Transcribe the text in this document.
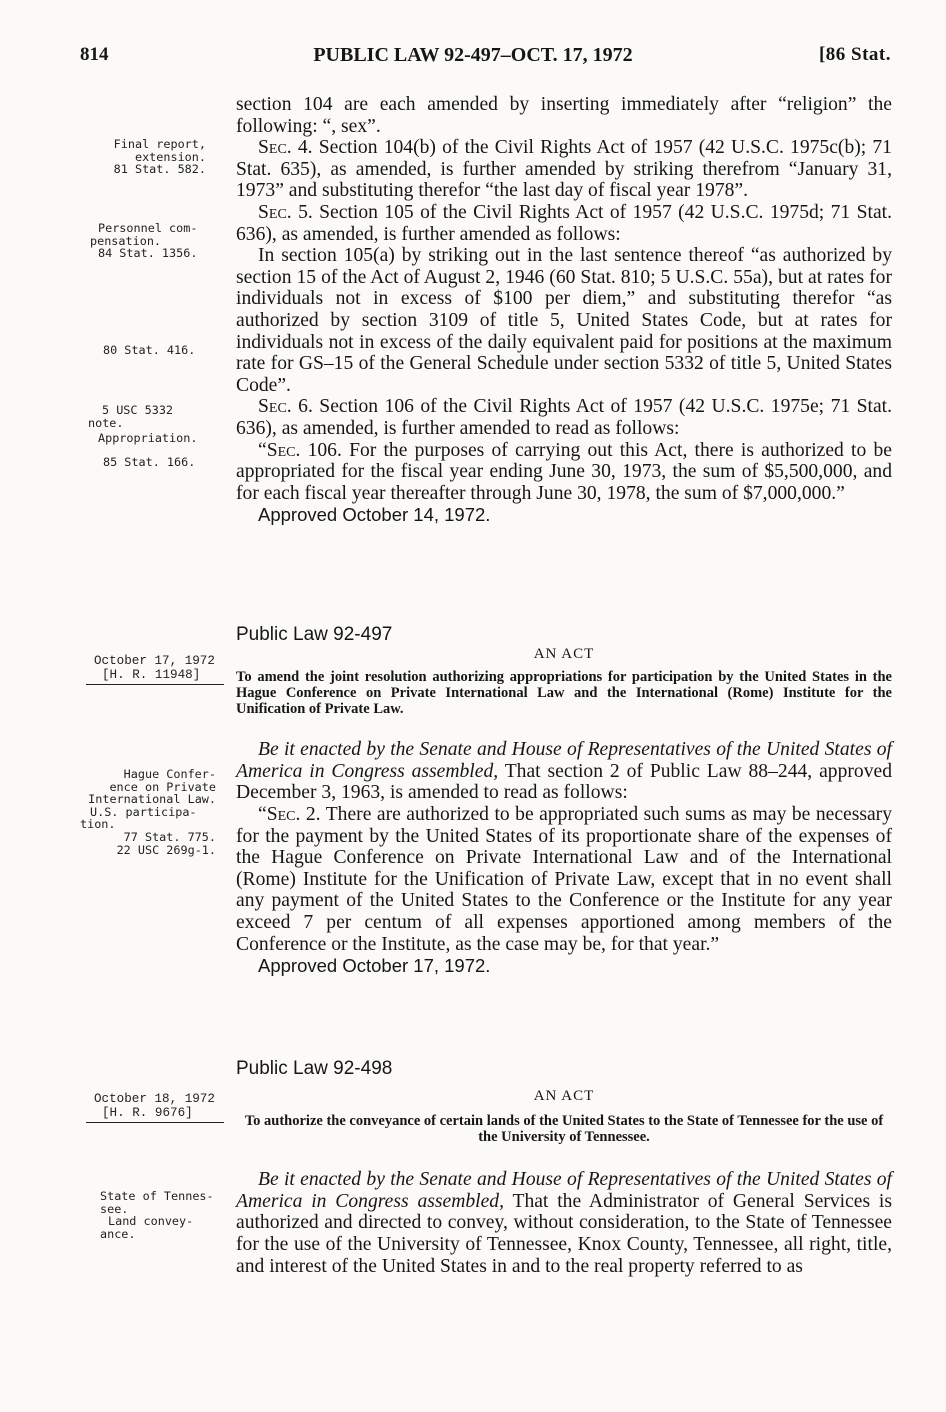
814	PUBLIC LAW 92-497–OCT. 17, 1972	[86 Stat.

Final report,

extension.

81 Stat. 582.

Personnel com-

pensation.

84 Stat. 1356.

80 Stat. 416.

5 USC 5332

note.

Appropriation.

85 Stat. 166.

October 17, 1972

[H. R. 11948]

Hague Confer-

ence on Private

International Law.

U.S. participa-

tion.

77 Stat. 775.

22 USC 269g-1.

October 18, 1972

[H. R. 9676]

State of Tennes-

see.

Land convey-

ance.

section 104 are each amended by inserting immediately after “religion” the following: “, sex”.

Sec. 4. Section 104(b) of the Civil Rights Act of 1957 (42 U.S.C. 1975c(b); 71 Stat. 635), as amended, is further amended by striking therefrom “January 31, 1973” and substituting therefor “the last day of fiscal year 1978”.

Sec. 5. Section 105 of the Civil Rights Act of 1957 (42 U.S.C. 1975d; 71 Stat. 636), as amended, is further amended as follows:

In section 105(a) by striking out in the last sentence thereof “as authorized by section 15 of the Act of August 2, 1946 (60 Stat. 810; 5 U.S.C. 55a), but at rates for individuals not in excess of $100 per diem,” and substituting therefor “as authorized by section 3109 of title 5, United States Code, but at rates for individuals not in excess of the daily equivalent paid for positions at the maximum rate for GS–15 of the General Schedule under section 5332 of title 5, United States Code”.

Sec. 6. Section 106 of the Civil Rights Act of 1957 (42 U.S.C. 1975e; 71 Stat. 636), as amended, is further amended to read as follows:

“Sec. 106. For the purposes of carrying out this Act, there is authorized to be appropriated for the fiscal year ending June 30, 1973, the sum of $5,500,000, and for each fiscal year thereafter through June 30, 1978, the sum of $7,000,000.”

Approved October 14, 1972.

Public Law 92-497

AN ACT

To amend the joint resolution authorizing appropriations for participation by the United States in the Hague Conference on Private International Law and the International (Rome) Institute for the Unification of Private Law.

Be it enacted by the Senate and House of Representatives of the United States of America in Congress assembled, That section 2 of Public Law 88–244, approved December 3, 1963, is amended to read as follows:

“Sec. 2. There are authorized to be appropriated such sums as may be necessary for the payment by the United States of its proportionate share of the expenses of the Hague Conference on Private International Law and of the International (Rome) Institute for the Unification of Private Law, except that in no event shall any payment of the United States to the Conference or the Institute for any year exceed 7 per centum of all expenses apportioned among members of the Conference or the Institute, as the case may be, for that year.”

Approved October 17, 1972.

Public Law 92-498

AN ACT

To authorize the conveyance of certain lands of the United States to the State of Tennessee for the use of the University of Tennessee.

Be it enacted by the Senate and House of Representatives of the United States of America in Congress assembled, That the Administrator of General Services is authorized and directed to convey, without consideration, to the State of Tennessee for the use of the University of Tennessee, Knox County, Tennessee, all right, title, and interest of the United States in and to the real property referred to as
